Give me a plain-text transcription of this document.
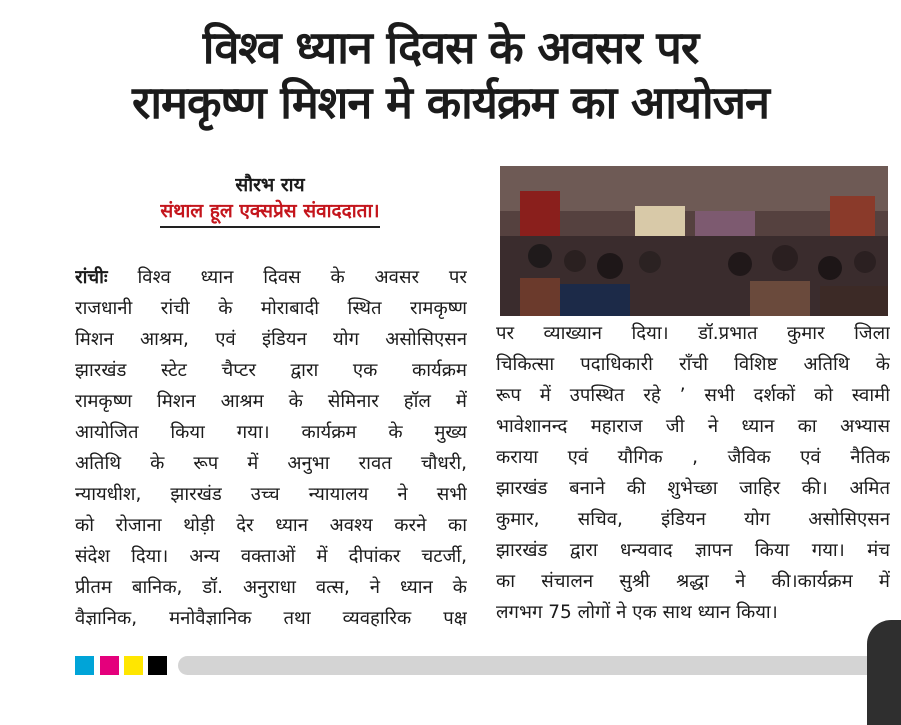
विश्व ध्यान दिवस के अवसर पर
रामकृष्ण मिशन मे कार्यक्रम का आयोजन
सौरभ राय
संथाल हूल एक्सप्रेस संवाददाता।
रांचीः विश्व ध्यान दिवस के अवसर पर
राजधानी रांची के मोराबादी स्थित रामकृष्ण
मिशन आश्रम, एवं इंडियन योग असोसिएसन
झारखंड स्टेट चैप्टर द्वारा एक कार्यक्रम
रामकृष्ण मिशन आश्रम के सेमिनार हॉल में
आयोजित किया गया। कार्यक्रम के मुख्य
अतिथि के रूप में अनुभा रावत चौधरी,
न्यायधीश, झारखंड उच्च न्यायालय ने सभी
को रोजाना थोड़ी देर ध्यान अवश्य करने का
संदेश दिया। अन्य वक्ताओं में दीपांकर चटर्जी,
प्रीतम बानिक, डॉ. अनुराधा वत्स, ने ध्यान के
वैज्ञानिक, मनोवैज्ञानिक तथा व्यवहारिक पक्ष
पर व्याख्यान दिया। डॉ.प्रभात कुमार जिला
चिकित्सा पदाधिकारी राँची विशिष्ट अतिथि के
रूप में उपस्थित रहे ’ सभी दर्शकों को स्वामी
भावेशानन्द महाराज जी ने ध्यान का अभ्यास
कराया एवं यौगिक , जैविक एवं नैतिक
झारखंड बनाने की शुभेच्छा जाहिर की। अमित
कुमार, सचिव, इंडियन योग असोसिएसन
झारखंड द्वारा धन्यवाद ज्ञापन किया गया। मंच
का संचालन सुश्री श्रद्धा ने की।कार्यक्रम में
लगभग 75 लोगों ने एक साथ ध्यान किया।
